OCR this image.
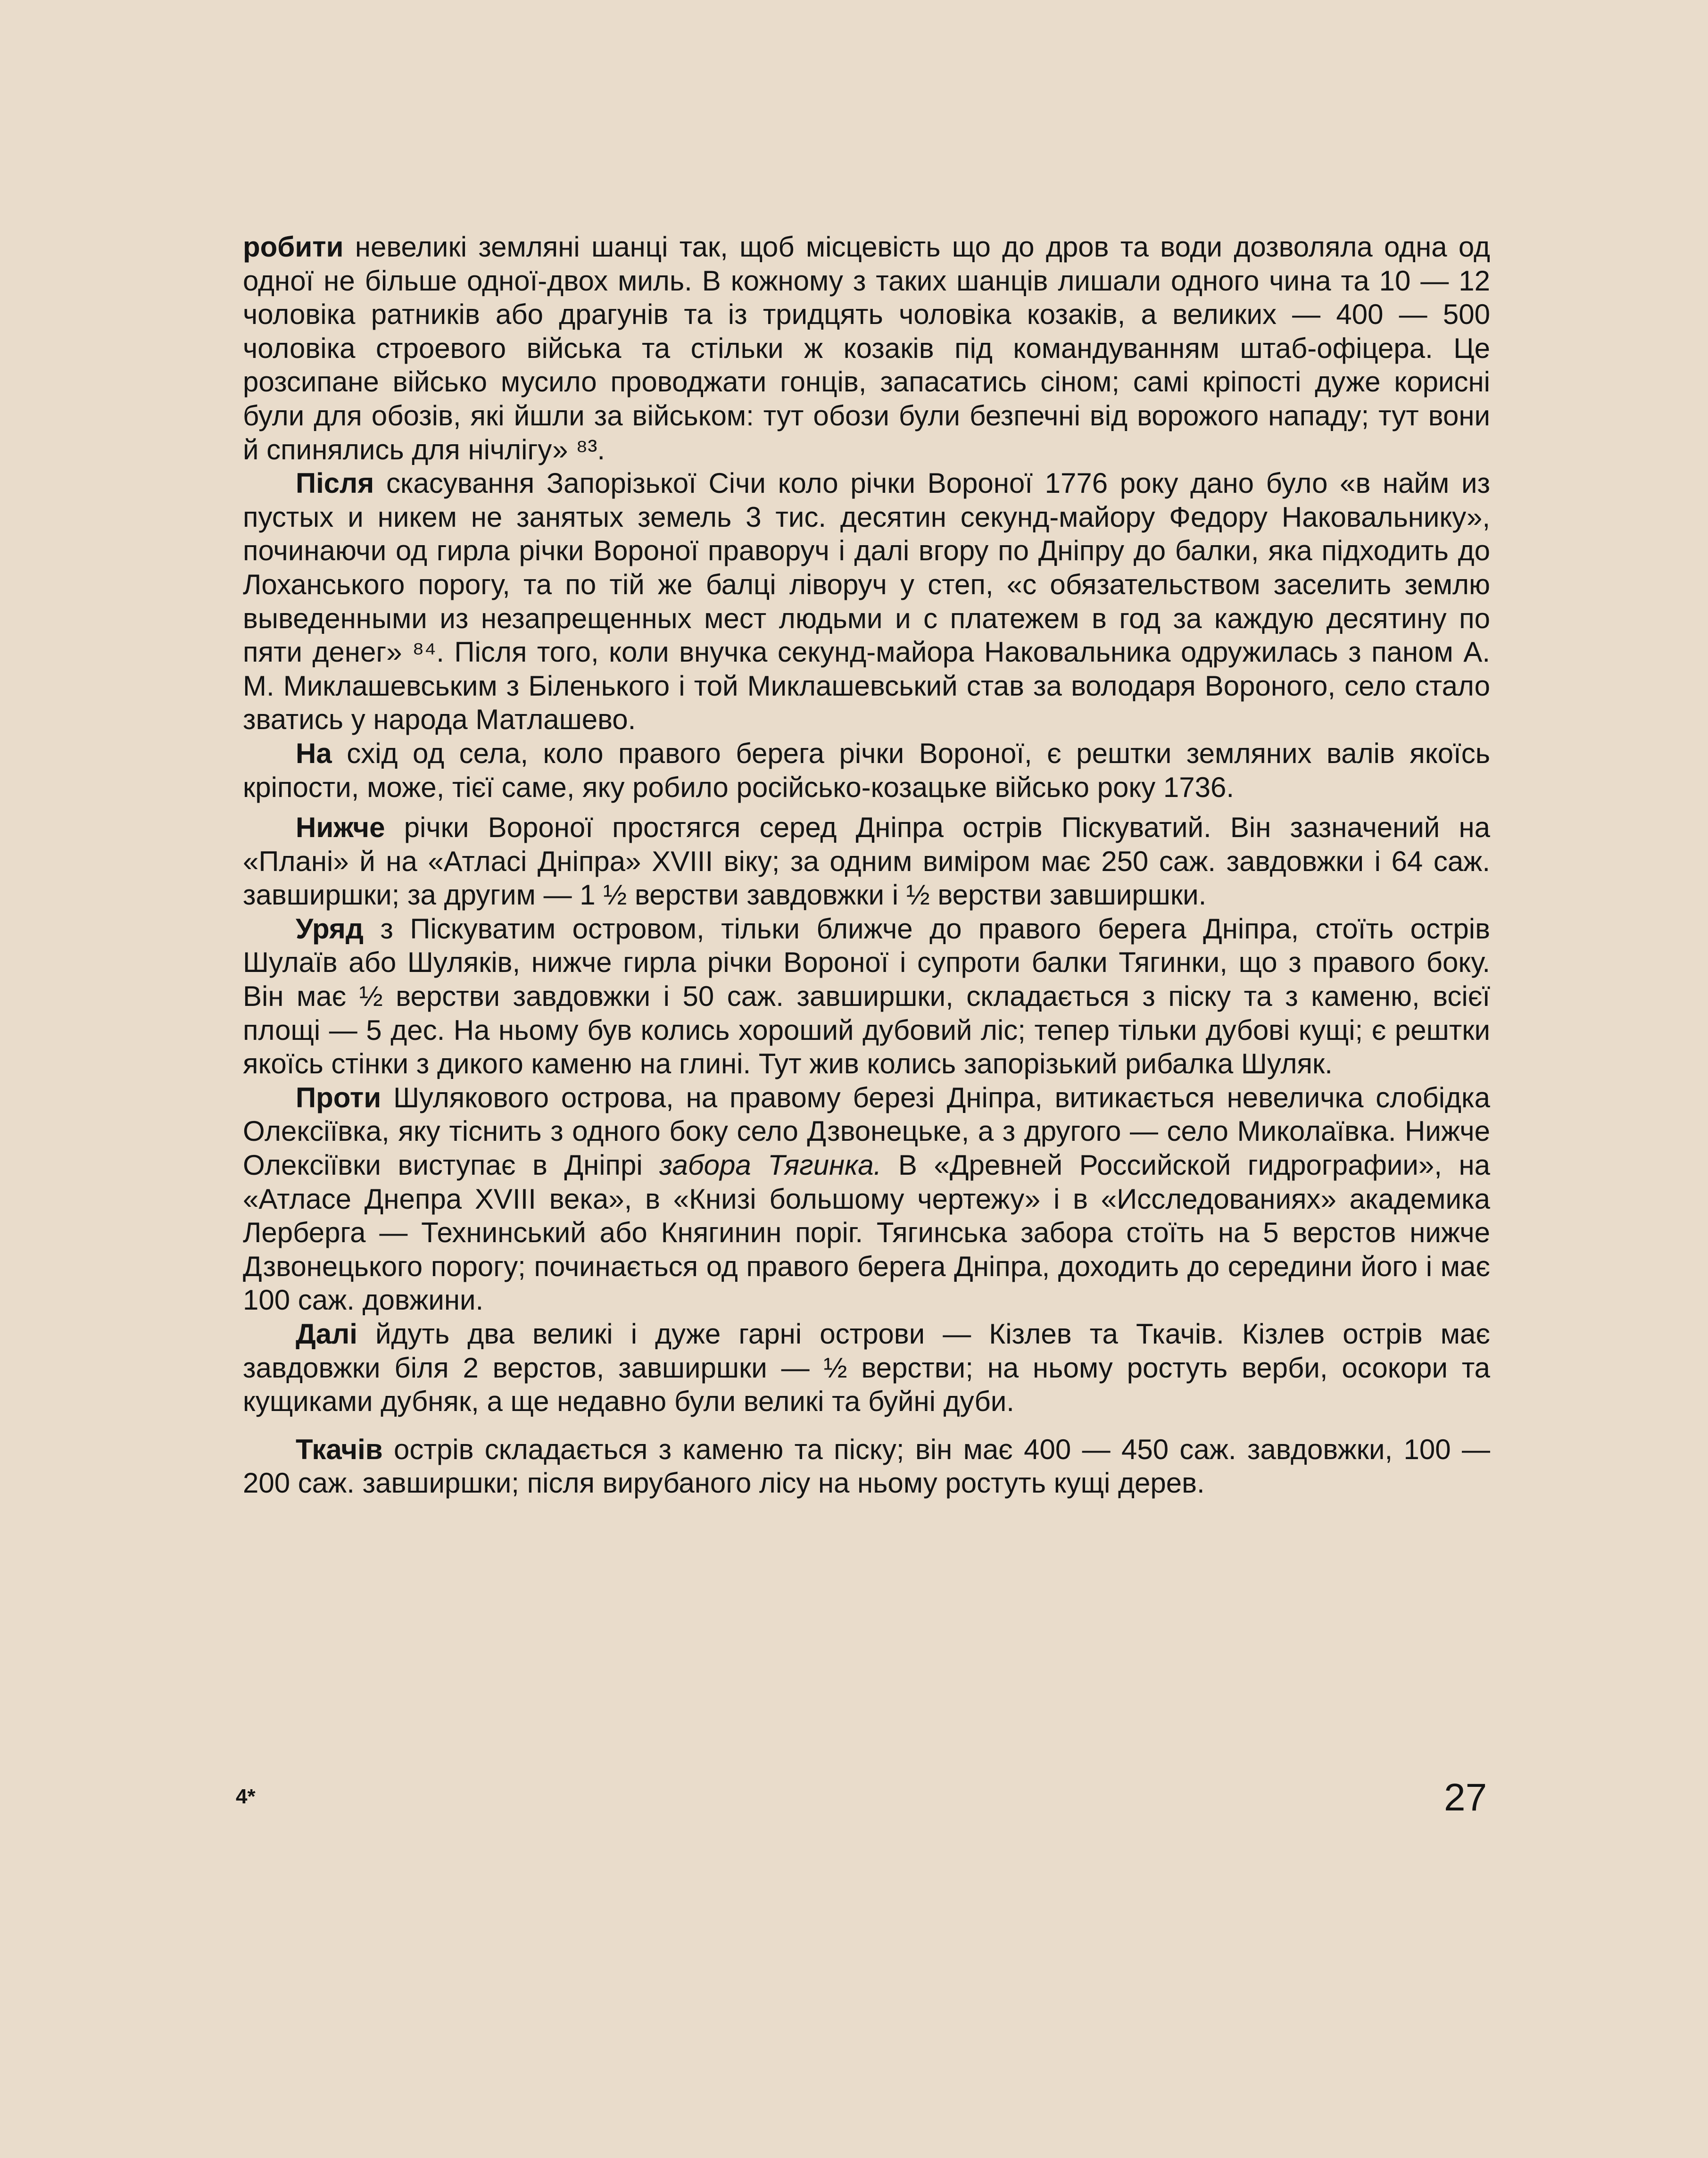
робити невеликі земляні шанці так, щоб місцевість що до дров та води дозволяла одна од одної не більше одної-двох миль. В кожному з таких шанців лишали одного чина та 10 — 12 чоловіка ратників або драгунів та із тридцять чоловіка козаків, а великих — 400 — 500 чоловіка строевого війська та стільки ж козаків під командуванням штаб-офіцера. Це розсипане військо мусило проводжати гонців, запасатись сіном; самі кріпості дуже корисні були для обозів, які йшли за військом: тут обози були безпечні від ворожого нападу; тут вони й спинялись для нічлігу» ⁸³.

Після скасування Запорізької Січи коло річки Вороної 1776 року дано було «в найм из пустых и никем не занятых земель 3 тис. десятин секунд-майору Федору Наковальнику», починаючи од гирла річки Вороної праворуч і далі вгору по Дніпру до балки, яка підходить до Лоханського порогу, та по тій же балці ліворуч у степ, «с обязательством заселить землю выведенными из незапрещенных мест людьми и с платежем в год за каждую десятину по пяти денег» ⁸⁴. Після того, коли внучка секунд-майора Наковальника одружилась з паном А. М. Миклашевським з Біленького і той Миклашевський став за володаря Вороного, село стало зватись у народа Матлашево.

На схід од села, коло правого берега річки Вороної, є рештки земляних валів якоїсь кріпости, може, тієї саме, яку робило російсько-козацьке військо року 1736.

Нижче річки Вороної простягся серед Дніпра острів Піскуватий. Він зазначений на «Плані» й на «Атласі Дніпра» XVIII віку; за одним виміром має 250 саж. завдовжки і 64 саж. завширшки; за другим — 1 ½ верстви завдовжки і ½ верстви завширшки.

Уряд з Піскуватим островом, тільки ближче до правого берега Дніпра, стоїть острів Шулаїв або Шуляків, нижче гирла річки Вороної і супроти балки Тягинки, що з правого боку. Він має ½ верстви завдовжки і 50 саж. завширшки, складається з піску та з каменю, всієї площі — 5 дес. На ньому був колись хороший дубовий ліс; тепер тільки дубові кущі; є рештки якоїсь стінки з дикого каменю на глині. Тут жив колись запорізький рибалка Шуляк.

Проти Шулякового острова, на правому березі Дніпра, витикається невеличка слобідка Олексіївка, яку тіснить з одного боку село Дзвонецьке, а з другого — село Миколаївка. Нижче Олексіївки виступає в Дніпрі забора Тягинка. В «Древней Российской гидрографии», на «Атласе Днепра XVIII века», в «Книзі большому чертежу» і в «Исследованиях» академика Лерберга — Технинський або Княгинин поріг. Тягинська забора стоїть на 5 верстов нижче Дзвонецького порогу; починається од правого берега Дніпра, доходить до середини його і має 100 саж. довжини.

Далі йдуть два великі і дуже гарні острови — Кізлев та Ткачів. Кізлев острів має завдовжки біля 2 верстов, завширшки — ½ верстви; на ньому ростуть верби, осокори та кущиками дубняк, а ще недавно були великі та буйні дуби.

Ткачів острів складається з каменю та піску; він має 400 — 450 саж. завдовжки, 100 — 200 саж. завширшки; після вирубаного лісу на ньому ростуть кущі дерев.

4*	27
